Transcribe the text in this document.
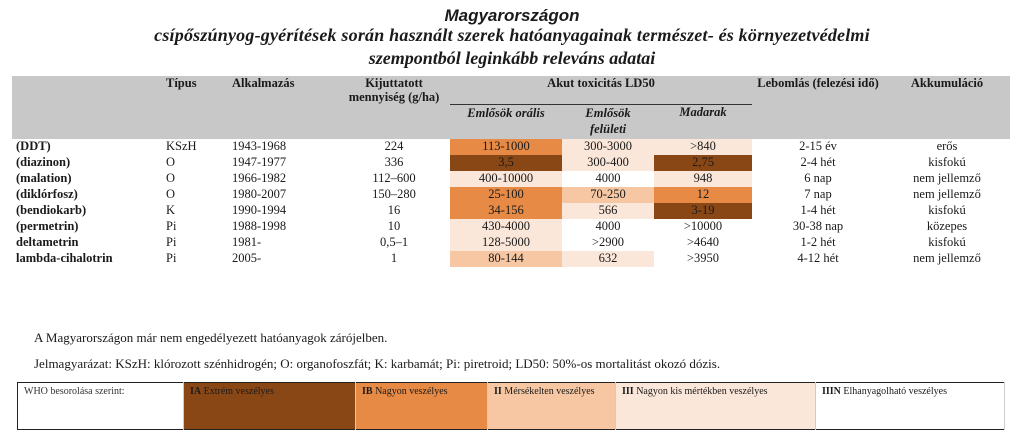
Magyarországon
csípőszúnyog-gyérítések során használt szerek hatóanyagainak természet- és környezetvédelmi
szempontból leginkább releváns adatai
	Típus	Alkalmazás	Kijuttatott mennyiség (g/ha)	Akut toxicitás LD50			Lebomlás (felezési idő)	Akkumuláció
				Emlősök orális	Emlősök felületi	Madarak		
(DDT)	KSzH	1943-1968	224	113-1000	300-3000	>840	2-15 év	erős
(diazinon)	O	1947-1977	336	3,5	300-400	2,75	2-4 hét	kisfokú
(malation)	O	1966-1982	112–600	400-10000	4000	948	6 nap	nem jellemző
(diklórfosz)	O	1980-2007	150–280	25-100	70-250	12	7 nap	nem jellemző
(bendiokarb)	K	1990-1994	16	34-156	566	3-19	1-4 hét	kisfokú
(permetrin)	Pi	1988-1998	10	430-4000	4000	>10000	30-38 nap	közepes
deltametrin	Pi	1981-	0,5–1	128-5000	>2900	>4640	1-2 hét	kisfokú
lambda-cihalotrin	Pi	2005-	1	80-144	632	>3950	4-12 hét	nem jellemző
A Magyarországon már nem engedélyezett hatóanyagok zárójelben.
Jelmagyarázat: KSzH: klórozott szénhidrogén; O: organofoszfát; K: karbamát; Pi: piretroid; LD50: 50%-os mortalitást okozó dózis.
WHO besorolása szerint:	IA Extrém veszélyes	IB Nagyon veszélyes	II Mérsékelten veszélyes	III Nagyon kis mértékben veszélyes	IIIN Elhanyagolható veszélyes
